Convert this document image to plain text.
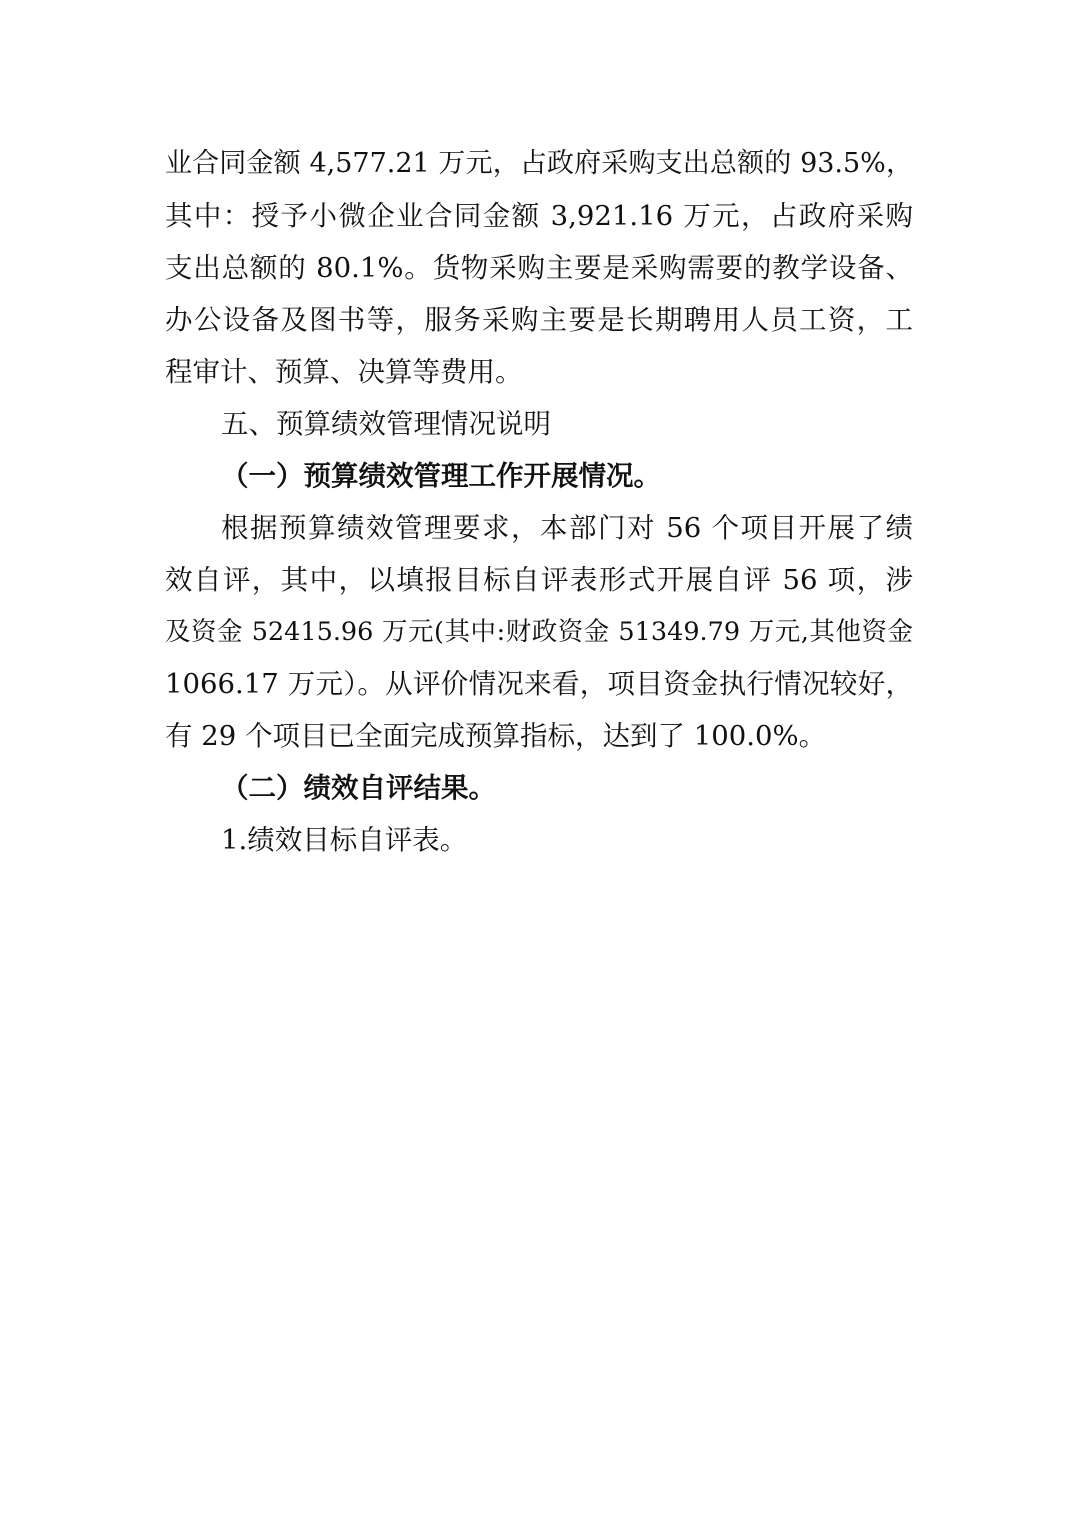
业合同金额 4,577.21 万元，占政府采购支出总额的 93.5%，
其中：授予小微企业合同金额 3,921.16 万元，占政府采购
支出总额的 80.1%。货物采购主要是采购需要的教学设备、
办公设备及图书等，服务采购主要是长期聘用人员工资，工
程审计、预算、决算等费用。
五、预算绩效管理情况说明
（一）预算绩效管理工作开展情况。
根据预算绩效管理要求，本部门对 56 个项目开展了绩
效自评，其中，以填报目标自评表形式开展自评 56 项，涉
及资金 52415.96 万元(其中:财政资金 51349.79 万元,其他资金
1066.17 万元）。从评价情况来看，项目资金执行情况较好，
有 29 个项目已全面完成预算指标，达到了 100.0%。
（二）绩效自评结果。
1.绩效目标自评表。
